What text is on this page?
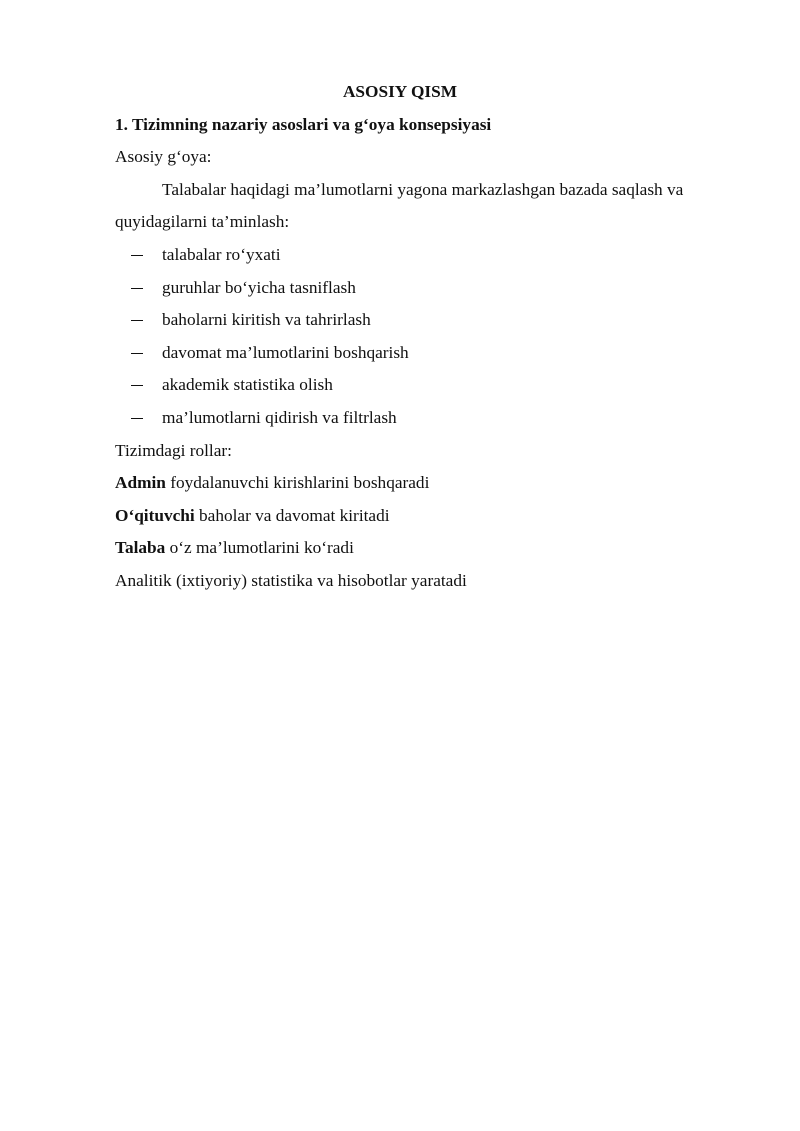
ASOSIY QISM
1. Tizimning nazariy asoslari va g‘oya konsepsiyasi
Asosiy g‘oya:
Talabalar haqidagi ma’lumotlarni yagona markazlashgan bazada saqlash va
quyidagilarni ta’minlash:
talabalar ro‘yxati
guruhlar bo‘yicha tasniflash
baholarni kiritish va tahrirlash
davomat ma’lumotlarini boshqarish
akademik statistika olish
ma’lumotlarni qidirish va filtrlash
Tizimdagi rollar:
Admin foydalanuvchi kirishlarini boshqaradi
O‘qituvchi baholar va davomat kiritadi
Talaba o‘z ma’lumotlarini ko‘radi
Analitik (ixtiyoriy) statistika va hisobotlar yaratadi
